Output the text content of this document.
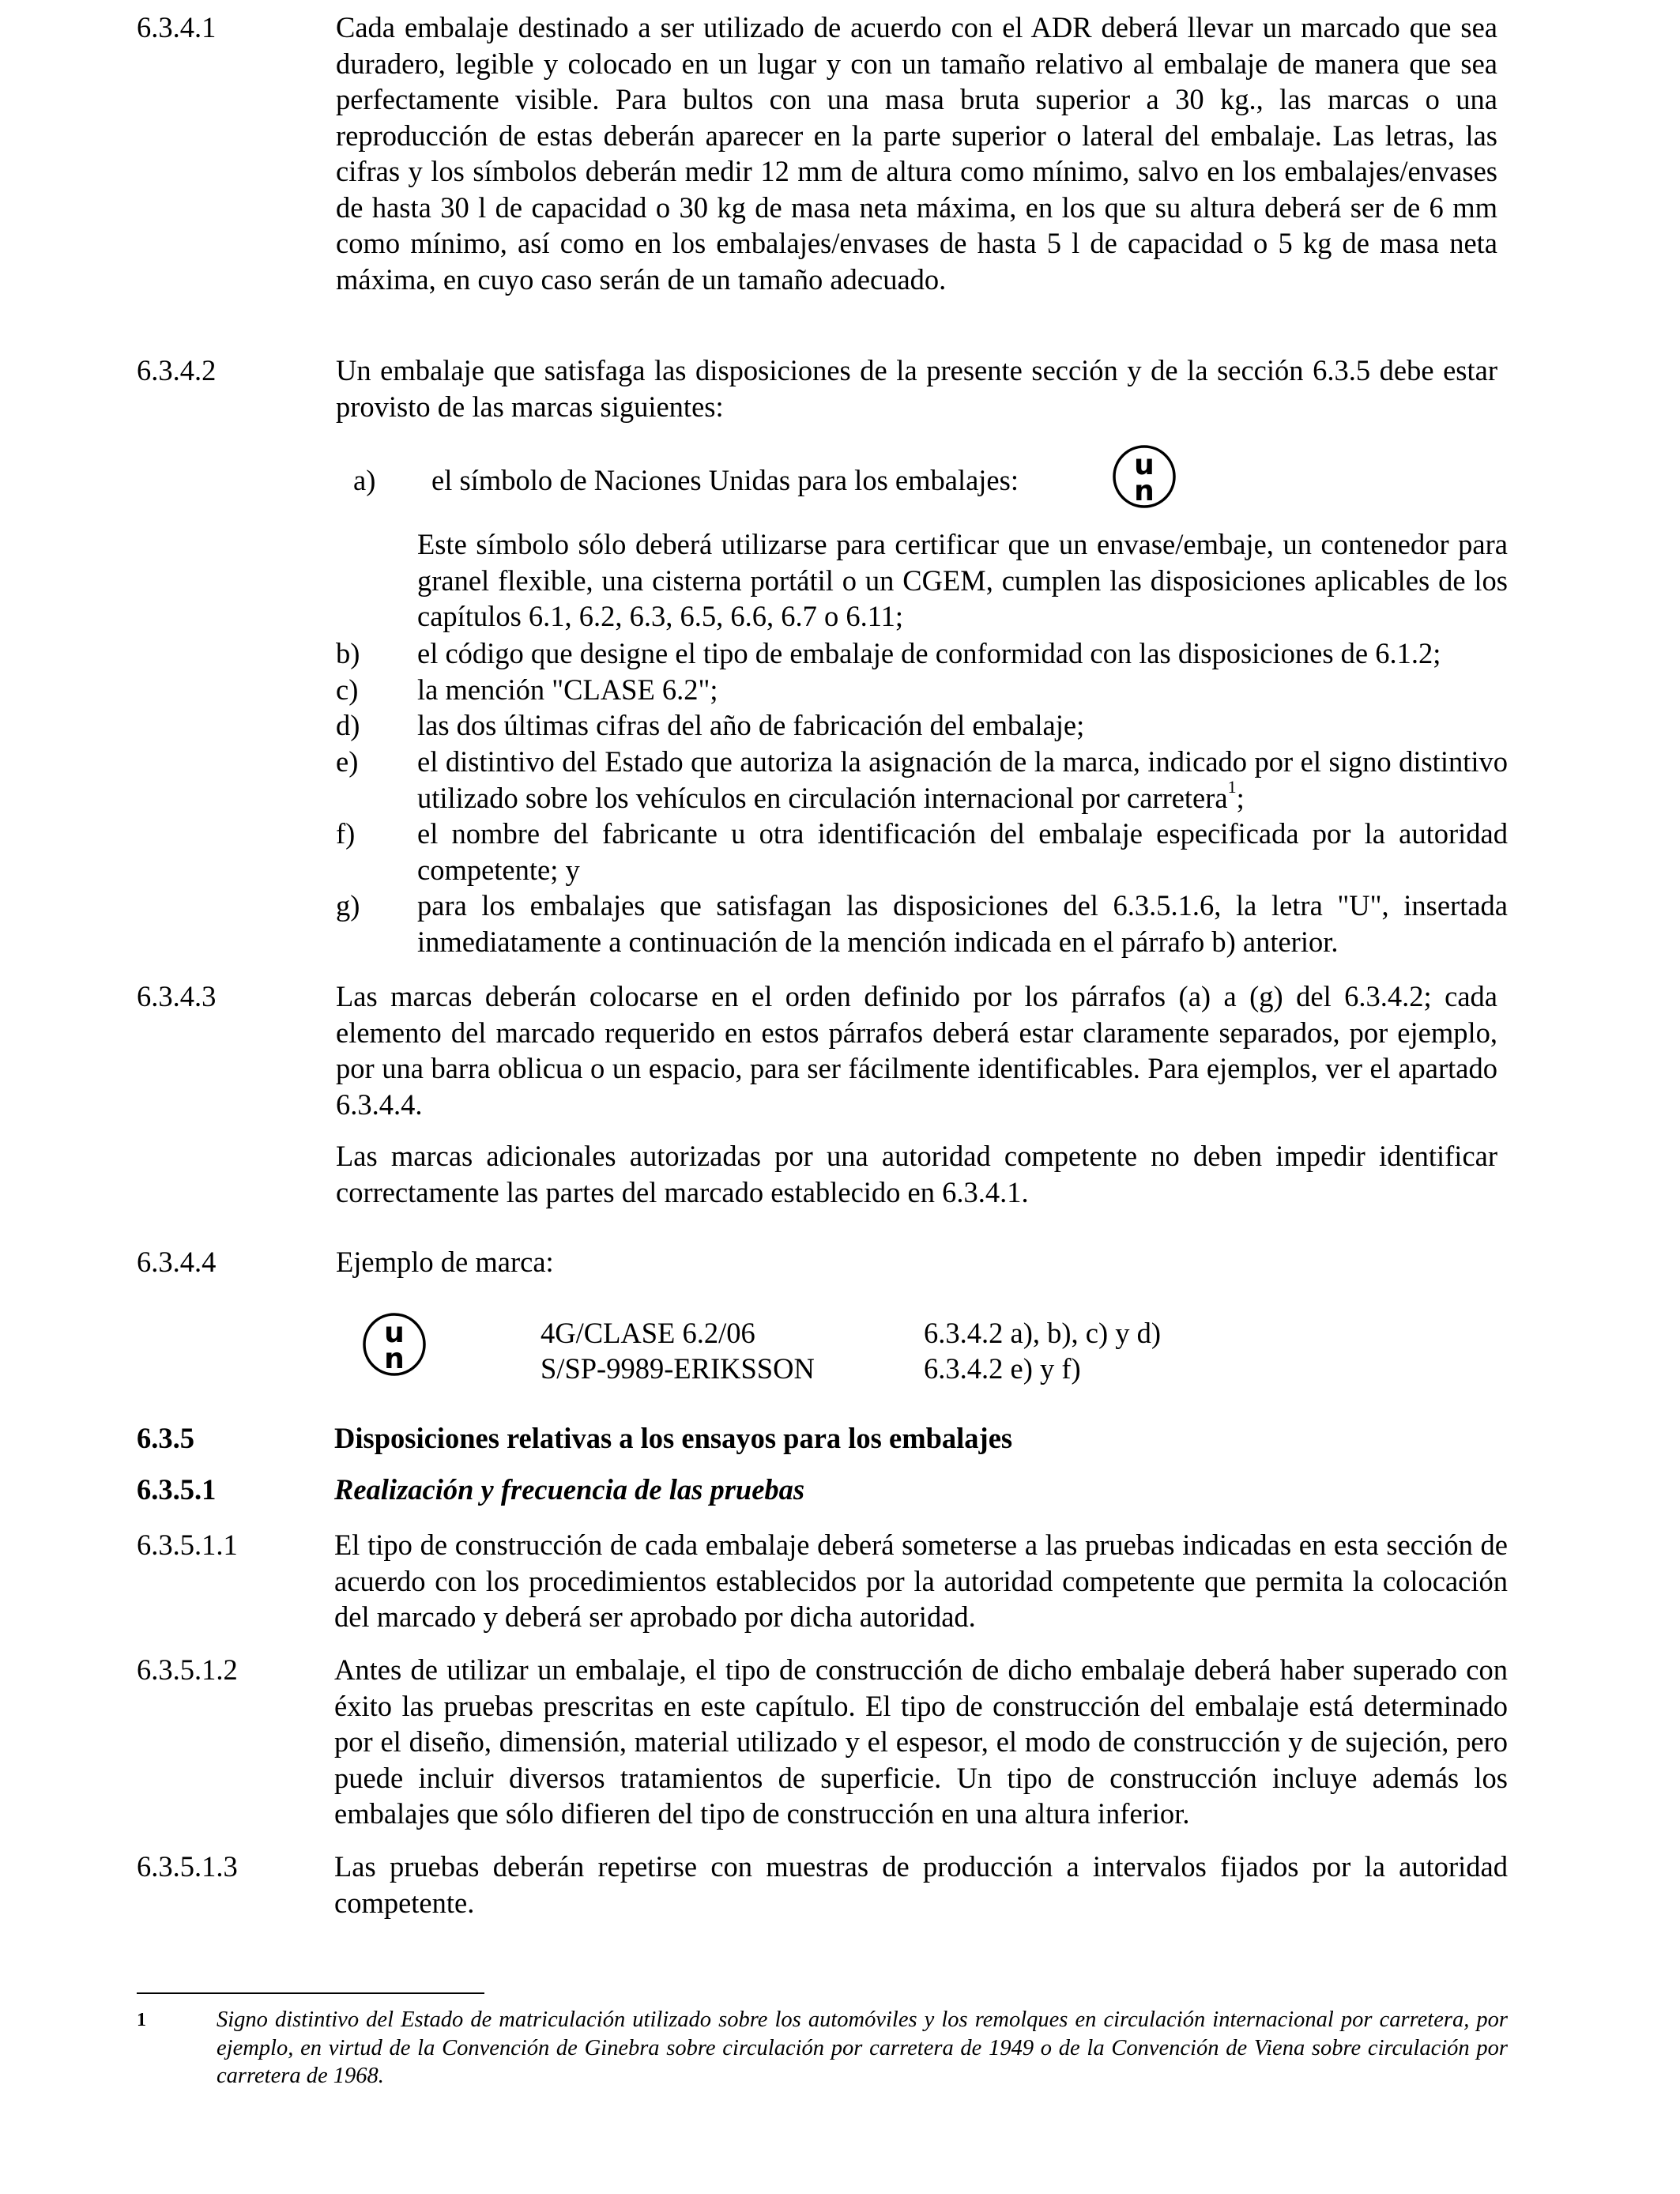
6.3.4.1	Cada embalaje destinado a ser utilizado de acuerdo con el ADR deberá llevar un marcado que sea duradero, legible y colocado en un lugar y con un tamaño relativo al embalaje de manera que sea perfectamente visible. Para bultos con una masa bruta superior a 30 kg., las marcas o una reproducción de estas deberán aparecer en la parte superior o lateral del embalaje. Las letras, las cifras y los símbolos deberán medir 12 mm de altura como mínimo, salvo en los embalajes/envases de hasta 30 l de capacidad o 30 kg de masa neta máxima, en los que su altura deberá ser de 6 mm como mínimo, así como en los embalajes/envases de hasta 5 l de capacidad o 5 kg de masa neta máxima, en cuyo caso serán de un tamaño adecuado.

6.3.4.2	Un embalaje que satisfaga las disposiciones de la presente sección y de la sección 6.3.5 debe estar provisto de las marcas siguientes:

a) el símbolo de Naciones Unidas para los embalajes:	u
n

Este símbolo sólo deberá utilizarse para certificar que un envase/embaje, un contenedor para granel flexible, una cisterna portátil o un CGEM, cumplen las disposiciones aplicables de los capítulos 6.1, 6.2, 6.3, 6.5, 6.6, 6.7 o 6.11;

b) el código que designe el tipo de embalaje de conformidad con las disposiciones de 6.1.2;
c) la mención "CLASE 6.2";
d) las dos últimas cifras del año de fabricación del embalaje;
e) el distintivo del Estado que autoriza la asignación de la marca, indicado por el signo distintivo utilizado sobre los vehículos en circulación internacional por carretera$^1$;
f) el nombre del fabricante u otra identificación del embalaje especificada por la autoridad competente; y
g) para los embalajes que satisfagan las disposiciones del 6.3.5.1.6, la letra "U", insertada inmediatamente a continuación de la mención indicada en el párrafo b) anterior.
6.3.4.3	Las marcas deberán colocarse en el orden definido por los párrafos (a) a (g) del 6.3.4.2; cada elemento del marcado requerido en estos párrafos deberá estar claramente separados, por ejemplo, por una barra oblicua o un espacio, para ser fácilmente identificables. Para ejemplos, ver el apartado 6.3.4.4.

Las marcas adicionales autorizadas por una autoridad competente no deben impedir identificar correctamente las partes del marcado establecido en 6.3.4.1.

6.3.4.4	Ejemplo de marca:
u
n
4G/CLASE 6.2/06	6.3.4.2 a), b), c) y d)
S/SP-9989-ERIKSSON	6.3.4.2 e) y f)
6.3.5	Disposiciones relativas a los ensayos para los embalajes
6.3.5.1	Realización y frecuencia de las pruebas
6.3.5.1.1	El tipo de construcción de cada embalaje deberá someterse a las pruebas indicadas en esta sección de acuerdo con los procedimientos establecidos por la autoridad competente que permita la colocación del marcado y deberá ser aprobado por dicha autoridad.

6.3.5.1.2	Antes de utilizar un embalaje, el tipo de construcción de dicho embalaje deberá haber superado con éxito las pruebas prescritas en este capítulo. El tipo de construcción del embalaje está determinado por el diseño, dimensión, material utilizado y el espesor, el modo de construcción y de sujeción, pero puede incluir diversos tratamientos de superficie. Un tipo de construcción incluye además los embalajes que sólo difieren del tipo de construcción en una altura inferior.

6.3.5.1.3	Las pruebas deberán repetirse con muestras de producción a intervalos fijados por la autoridad competente.

1	Signo distintivo del Estado de matriculación utilizado sobre los automóviles y los remolques en circulación internacional por carretera, por ejemplo, en virtud de la Convención de Ginebra sobre circulación por carretera de 1949 o de la Convención de Viena sobre circulación por carretera de 1968.
